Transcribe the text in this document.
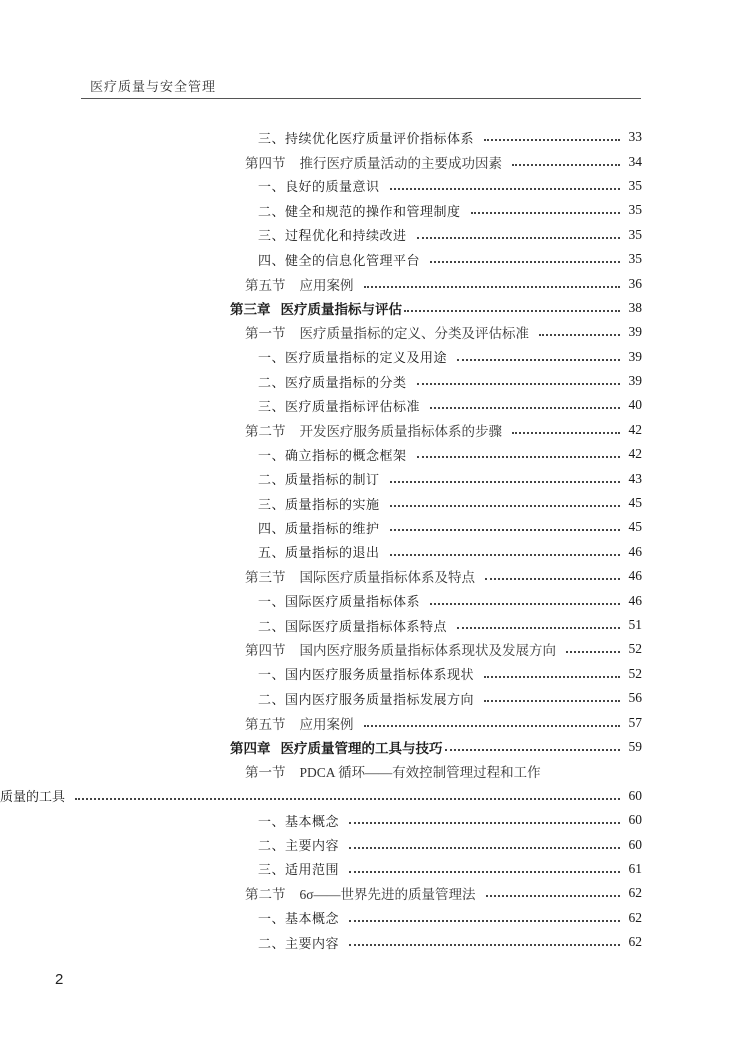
医疗质量与安全管理
三、持续优化医疗质量评价指标体系	33
第四节 推行医疗质量活动的主要成功因素	34
一、良好的质量意识	35
二、健全和规范的操作和管理制度	35
三、过程优化和持续改进	35
四、健全的信息化管理平台	35
第五节 应用案例	36
第三章 医疗质量指标与评估	38
第一节 医疗质量指标的定义、分类及评估标准	39
一、医疗质量指标的定义及用途	39
二、医疗质量指标的分类	39
三、医疗质量指标评估标准	40
第二节 开发医疗服务质量指标体系的步骤	42
一、确立指标的概念框架	42
二、质量指标的制订	43
三、质量指标的实施	45
四、质量指标的维护	45
五、质量指标的退出	46
第三节 国际医疗质量指标体系及特点	46
一、国际医疗质量指标体系	46
二、国际医疗质量指标体系特点	51
第四节 国内医疗服务质量指标体系现状及发展方向	52
一、国内医疗服务质量指标体系现状	52
二、国内医疗服务质量指标发展方向	56
第五节 应用案例	57
第四章 医疗质量管理的工具与技巧	59
第一节 PDCA 循环——有效控制管理过程和工作
质量的工具	60
一、基本概念	60
二、主要内容	60
三、适用范围	61
第二节 6σ——世界先进的质量管理法	62
一、基本概念	62
二、主要内容	62
2
